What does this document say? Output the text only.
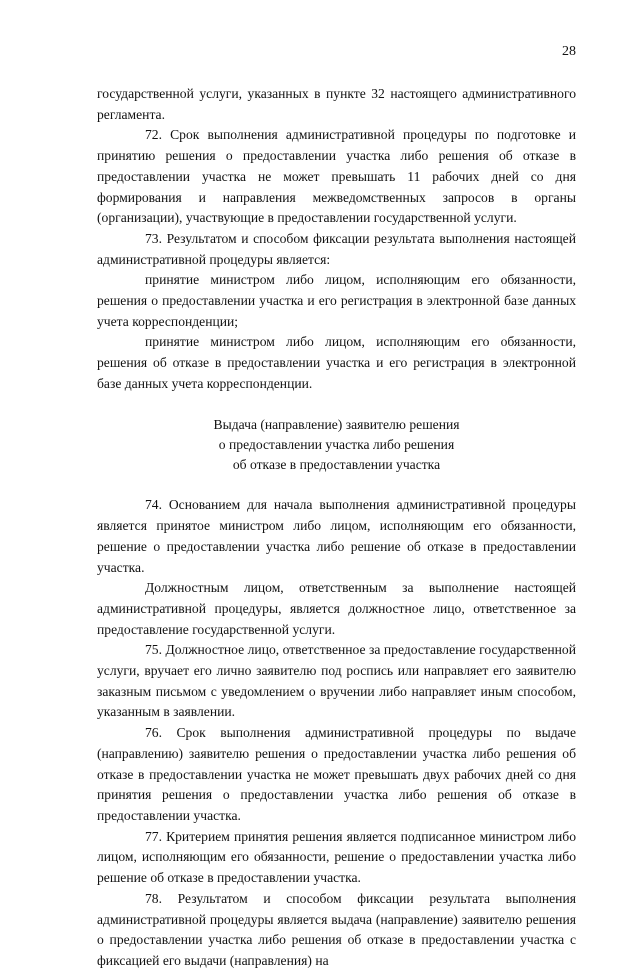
28

государственной услуги, указанных в пункте 32 настоящего административного регламента.

72. Срок выполнения административной процедуры по подготовке и принятию решения о предоставлении участка либо решения об отказе в предоставлении участка не может превышать 11 рабочих дней со дня формирования и направления межведомственных запросов в органы (организации), участвующие в предоставлении государственной услуги.

73. Результатом и способом фиксации результата выполнения настоящей административной процедуры является:

принятие министром либо лицом, исполняющим его обязанности, решения о предоставлении участка и его регистрация в электронной базе данных учета корреспонденции;

принятие министром либо лицом, исполняющим его обязанности, решения об отказе в предоставлении участка и его регистрация в электронной базе данных учета корреспонденции.

Выдача (направление) заявителю решения
о предоставлении участка либо решения
об отказе в предоставлении участка

74. Основанием для начала выполнения административной процедуры является принятое министром либо лицом, исполняющим его обязанности, решение о предоставлении участка либо решение об отказе в предоставлении участка.

Должностным лицом, ответственным за выполнение настоящей административной процедуры, является должностное лицо, ответственное за предоставление государственной услуги.

75. Должностное лицо, ответственное за предоставление государственной услуги, вручает его лично заявителю под роспись или направляет его заявителю заказным письмом с уведомлением о вручении либо направляет иным способом, указанным в заявлении.

76. Срок выполнения административной процедуры по выдаче (направлению) заявителю решения о предоставлении участка либо решения об отказе в предоставлении участка не может превышать двух рабочих дней со дня принятия решения о предоставлении участка либо решения об отказе в предоставлении участка.

77. Критерием принятия решения является подписанное министром либо лицом, исполняющим его обязанности, решение о предоставлении участка либо решение об отказе в предоставлении участка.

78. Результатом и способом фиксации результата выполнения административной процедуры является выдача (направление) заявителю решения о предоставлении участка либо решения об отказе в предоставлении участка с фиксацией его выдачи (направления) на
